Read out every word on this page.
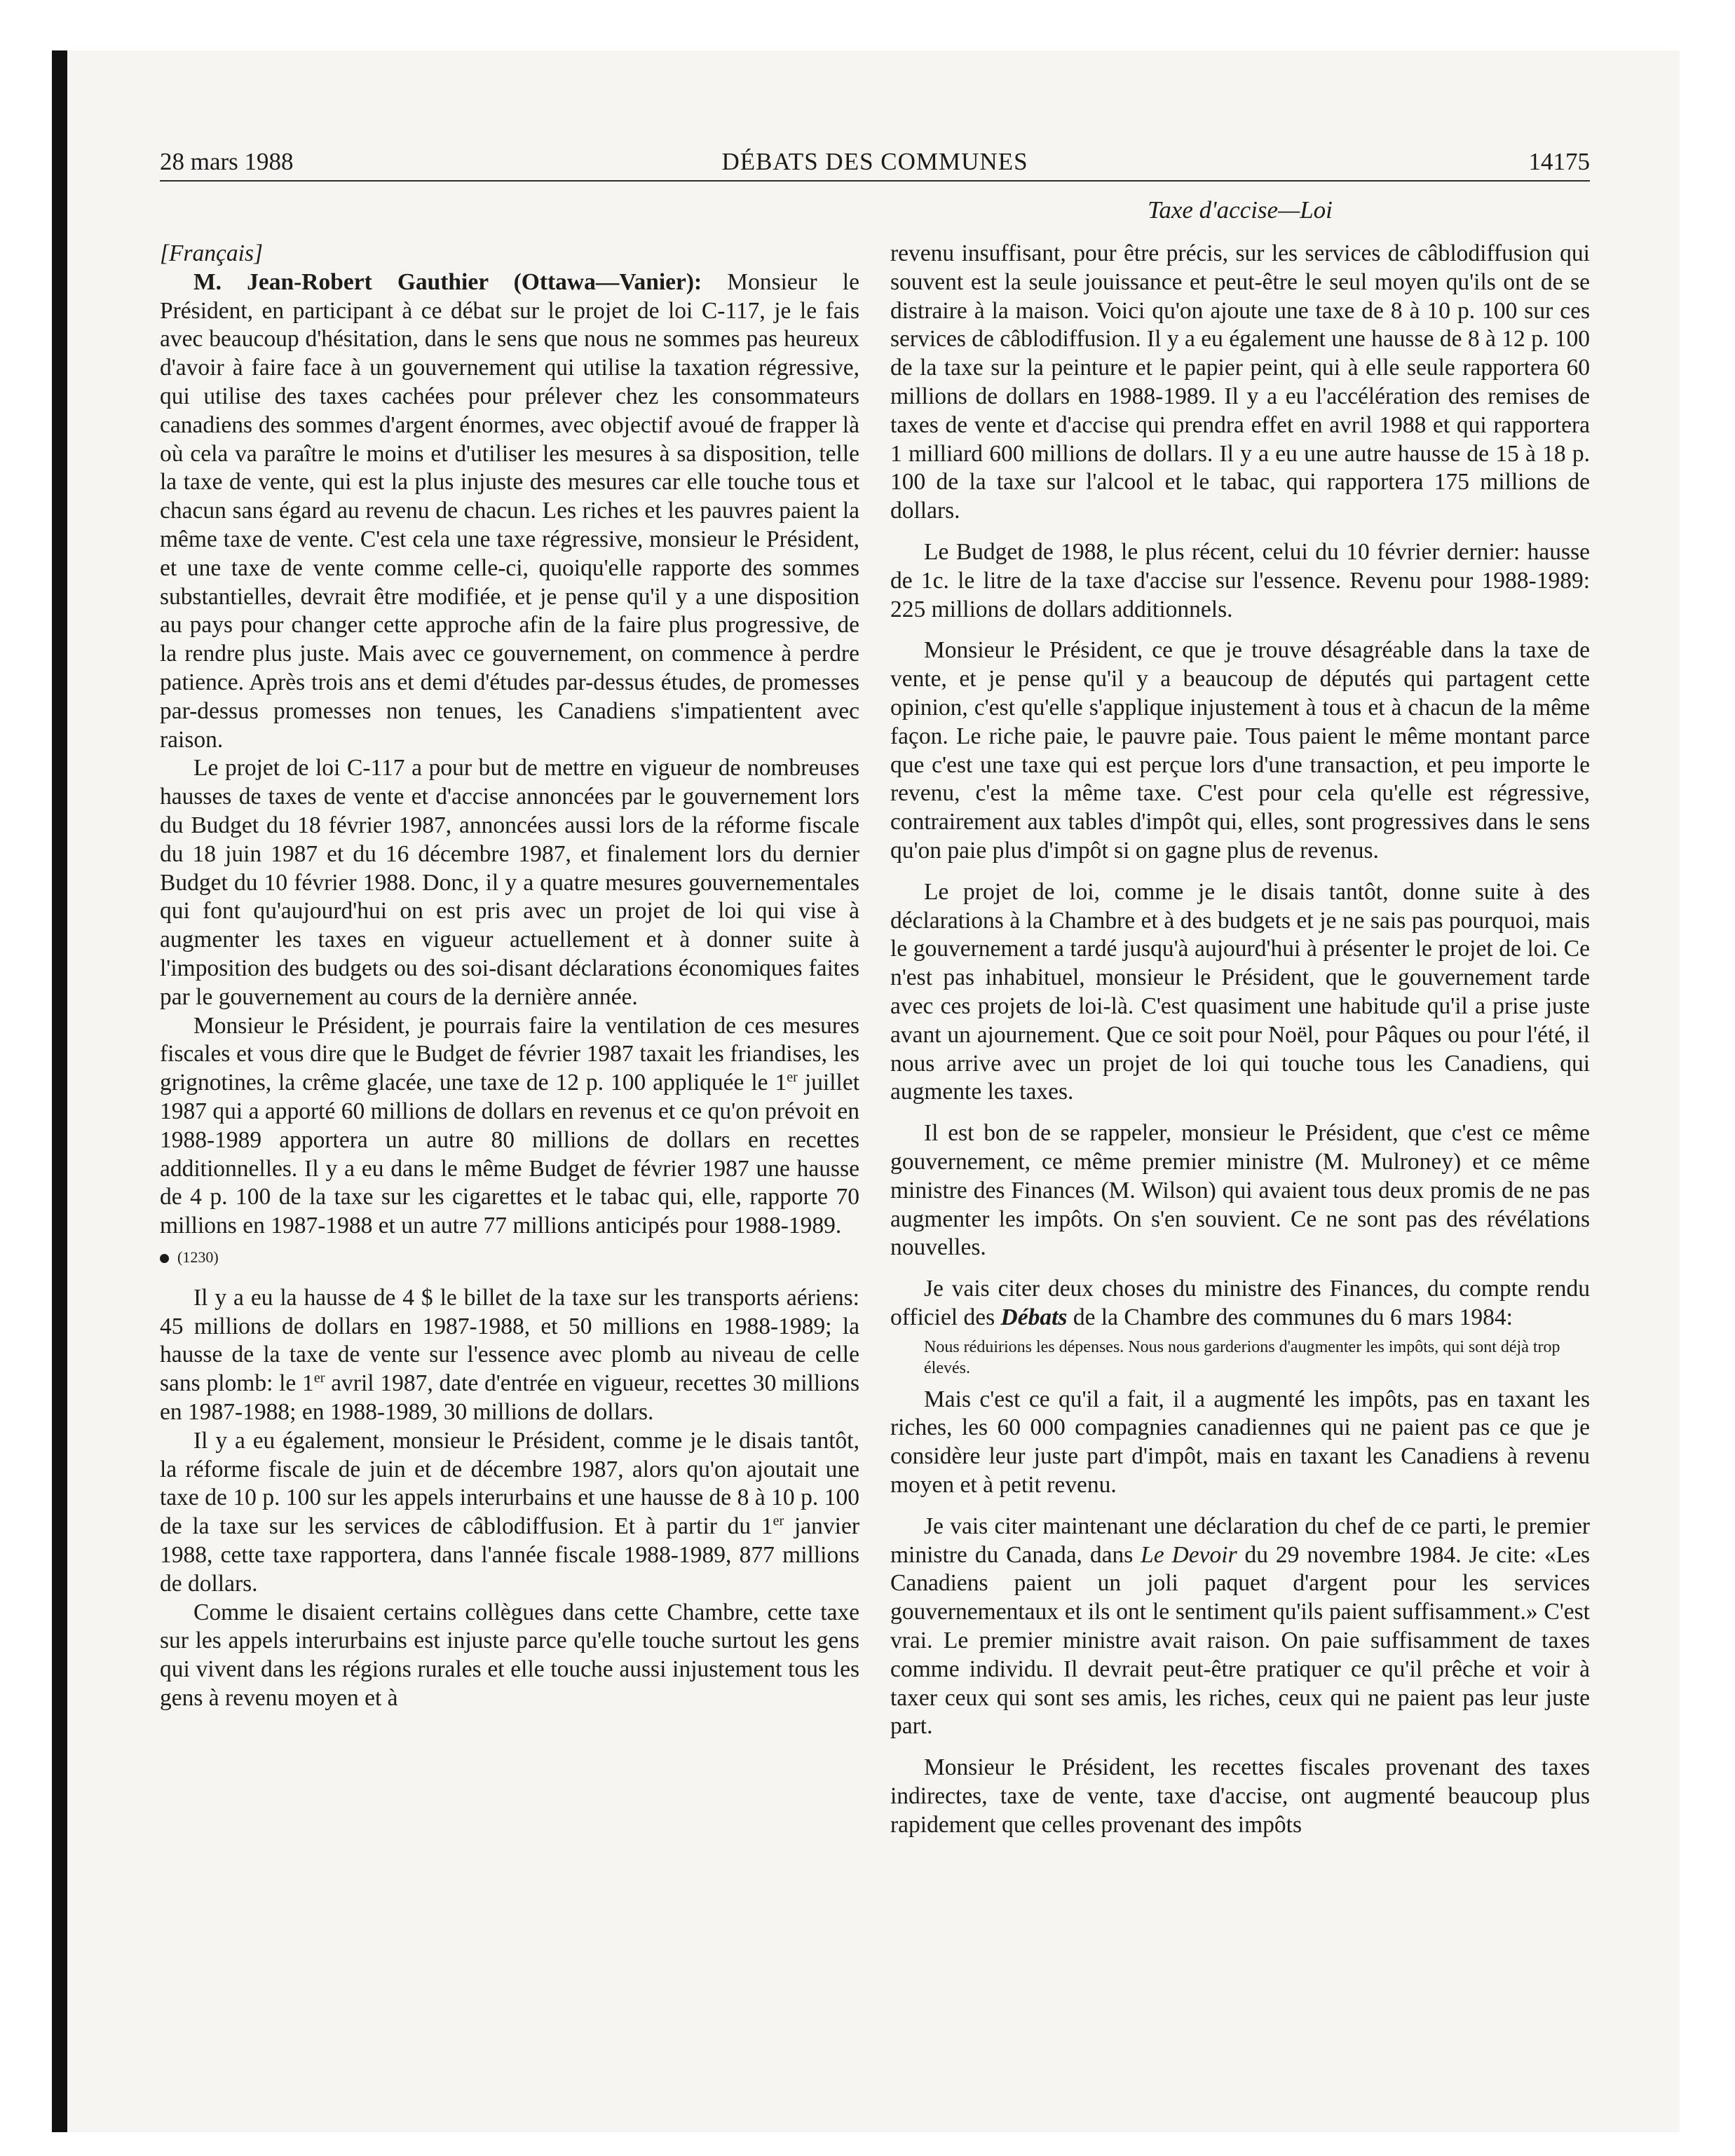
28 mars 1988	DÉBATS DES COMMUNES	14175
Taxe d'accise—Loi

[Français]

M. Jean-Robert Gauthier (Ottawa—Vanier): Monsieur le Président, en participant à ce débat sur le projet de loi C-117, je le fais avec beaucoup d'hésitation, dans le sens que nous ne sommes pas heureux d'avoir à faire face à un gouvernement qui utilise la taxation régressive, qui utilise des taxes cachées pour prélever chez les consommateurs canadiens des sommes d'argent énormes, avec objectif avoué de frapper là où cela va paraître le moins et d'utiliser les mesures à sa disposition, telle la taxe de vente, qui est la plus injuste des mesures car elle touche tous et chacun sans égard au revenu de chacun. Les riches et les pauvres paient la même taxe de vente. C'est cela une taxe régressive, monsieur le Président, et une taxe de vente comme celle-ci, quoiqu'elle rapporte des sommes substantielles, devrait être modifiée, et je pense qu'il y a une disposition au pays pour changer cette approche afin de la faire plus progressive, de la rendre plus juste. Mais avec ce gouvernement, on commence à perdre patience. Après trois ans et demi d'études par-dessus études, de promesses par-dessus promesses non tenues, les Canadiens s'impatientent avec raison.

Le projet de loi C-117 a pour but de mettre en vigueur de nombreuses hausses de taxes de vente et d'accise annoncées par le gouvernement lors du Budget du 18 février 1987, annoncées aussi lors de la réforme fiscale du 18 juin 1987 et du 16 décembre 1987, et finalement lors du dernier Budget du 10 février 1988. Donc, il y a quatre mesures gouvernementales qui font qu'aujourd'hui on est pris avec un projet de loi qui vise à augmenter les taxes en vigueur actuellement et à donner suite à l'imposition des budgets ou des soi-disant déclarations économiques faites par le gouvernement au cours de la dernière année.

Monsieur le Président, je pourrais faire la ventilation de ces mesures fiscales et vous dire que le Budget de février 1987 taxait les friandises, les grignotines, la crême glacée, une taxe de 12 p. 100 appliquée le 1er juillet 1987 qui a apporté 60 millions de dollars en revenus et ce qu'on prévoit en 1988-1989 apportera un autre 80 millions de dollars en recettes additionnelles. Il y a eu dans le même Budget de février 1987 une hausse de 4 p. 100 de la taxe sur les cigarettes et le tabac qui, elle, rapporte 70 millions en 1987-1988 et un autre 77 millions anticipés pour 1988-1989.

(1230)

Il y a eu la hausse de 4 $ le billet de la taxe sur les transports aériens: 45 millions de dollars en 1987-1988, et 50 millions en 1988-1989; la hausse de la taxe de vente sur l'essence avec plomb au niveau de celle sans plomb: le 1er avril 1987, date d'entrée en vigueur, recettes 30 millions en 1987-1988; en 1988-1989, 30 millions de dollars.

Il y a eu également, monsieur le Président, comme je le disais tantôt, la réforme fiscale de juin et de décembre 1987, alors qu'on ajoutait une taxe de 10 p. 100 sur les appels interurbains et une hausse de 8 à 10 p. 100 de la taxe sur les services de câblodiffusion. Et à partir du 1er janvier 1988, cette taxe rapportera, dans l'année fiscale 1988-1989, 877 millions de dollars.

Comme le disaient certains collègues dans cette Chambre, cette taxe sur les appels interurbains est injuste parce qu'elle touche surtout les gens qui vivent dans les régions rurales et elle touche aussi injustement tous les gens à revenu moyen et à

revenu insuffisant, pour être précis, sur les services de câblodiffusion qui souvent est la seule jouissance et peut-être le seul moyen qu'ils ont de se distraire à la maison. Voici qu'on ajoute une taxe de 8 à 10 p. 100 sur ces services de câblodiffusion. Il y a eu également une hausse de 8 à 12 p. 100 de la taxe sur la peinture et le papier peint, qui à elle seule rapportera 60 millions de dollars en 1988-1989. Il y a eu l'accélération des remises de taxes de vente et d'accise qui prendra effet en avril 1988 et qui rapportera 1 milliard 600 millions de dollars. Il y a eu une autre hausse de 15 à 18 p. 100 de la taxe sur l'alcool et le tabac, qui rapportera 175 millions de dollars.

Le Budget de 1988, le plus récent, celui du 10 février dernier: hausse de 1c. le litre de la taxe d'accise sur l'essence. Revenu pour 1988-1989: 225 millions de dollars additionnels.

Monsieur le Président, ce que je trouve désagréable dans la taxe de vente, et je pense qu'il y a beaucoup de députés qui partagent cette opinion, c'est qu'elle s'applique injustement à tous et à chacun de la même façon. Le riche paie, le pauvre paie. Tous paient le même montant parce que c'est une taxe qui est perçue lors d'une transaction, et peu importe le revenu, c'est la même taxe. C'est pour cela qu'elle est régressive, contrairement aux tables d'impôt qui, elles, sont progressives dans le sens qu'on paie plus d'impôt si on gagne plus de revenus.

Le projet de loi, comme je le disais tantôt, donne suite à des déclarations à la Chambre et à des budgets et je ne sais pas pourquoi, mais le gouvernement a tardé jusqu'à aujourd'hui à présenter le projet de loi. Ce n'est pas inhabituel, monsieur le Président, que le gouvernement tarde avec ces projets de loi-là. C'est quasiment une habitude qu'il a prise juste avant un ajournement. Que ce soit pour Noël, pour Pâques ou pour l'été, il nous arrive avec un projet de loi qui touche tous les Canadiens, qui augmente les taxes.

Il est bon de se rappeler, monsieur le Président, que c'est ce même gouvernement, ce même premier ministre (M. Mulroney) et ce même ministre des Finances (M. Wilson) qui avaient tous deux promis de ne pas augmenter les impôts. On s'en souvient. Ce ne sont pas des révélations nouvelles.

Je vais citer deux choses du ministre des Finances, du compte rendu officiel des Débats de la Chambre des communes du 6 mars 1984:

Nous réduirions les dépenses. Nous nous garderions d'augmenter les impôts, qui sont déjà trop élevés.

Mais c'est ce qu'il a fait, il a augmenté les impôts, pas en taxant les riches, les 60 000 compagnies canadiennes qui ne paient pas ce que je considère leur juste part d'impôt, mais en taxant les Canadiens à revenu moyen et à petit revenu.

Je vais citer maintenant une déclaration du chef de ce parti, le premier ministre du Canada, dans Le Devoir du 29 novembre 1984. Je cite: «Les Canadiens paient un joli paquet d'argent pour les services gouvernementaux et ils ont le sentiment qu'ils paient suffisamment.» C'est vrai. Le premier ministre avait raison. On paie suffisamment de taxes comme individu. Il devrait peut-être pratiquer ce qu'il prêche et voir à taxer ceux qui sont ses amis, les riches, ceux qui ne paient pas leur juste part.

Monsieur le Président, les recettes fiscales provenant des taxes indirectes, taxe de vente, taxe d'accise, ont augmenté beaucoup plus rapidement que celles provenant des impôts
